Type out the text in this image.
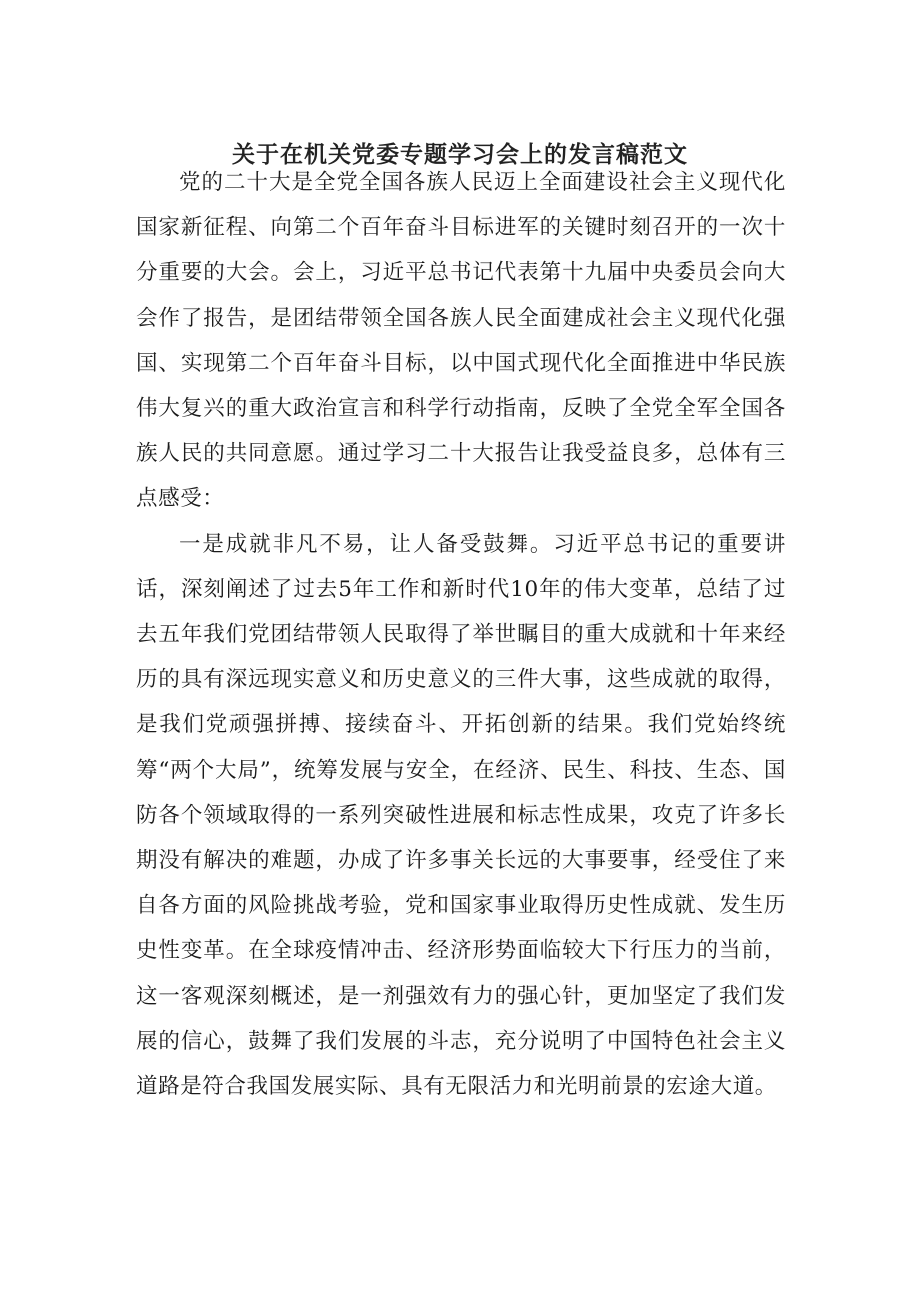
关于在机关党委专题学习会上的发言稿范文

党的二十大是全党全国各族人民迈上全面建设社会主义现代化国家新征程、向第二个百年奋斗目标进军的关键时刻召开的一次十分重要的大会。会上，习近平总书记代表第十九届中央委员会向大会作了报告，是团结带领全国各族人民全面建成社会主义现代化强国、实现第二个百年奋斗目标，以中国式现代化全面推进中华民族伟大复兴的重大政治宣言和科学行动指南，反映了全党全军全国各族人民的共同意愿。通过学习二十大报告让我受益良多，总体有三点感受：

一是成就非凡不易，让人备受鼓舞。习近平总书记的重要讲话，深刻阐述了过去5年工作和新时代10年的伟大变革，总结了过去五年我们党团结带领人民取得了举世瞩目的重大成就和十年来经历的具有深远现实意义和历史意义的三件大事，这些成就的取得，是我们党顽强拼搏、接续奋斗、开拓创新的结果。我们党始终统筹“两个大局”，统筹发展与安全，在经济、民生、科技、生态、国防各个领域取得的一系列突破性进展和标志性成果，攻克了许多长期没有解决的难题，办成了许多事关长远的大事要事，经受住了来自各方面的风险挑战考验，党和国家事业取得历史性成就、发生历史性变革。在全球疫情冲击、经济形势面临较大下行压力的当前，这一客观深刻概述，是一剂强效有力的强心针，更加坚定了我们发展的信心，鼓舞了我们发展的斗志，充分说明了中国特色社会主义道路是符合我国发展实际、具有无限活力和光明前景的宏途大道。
